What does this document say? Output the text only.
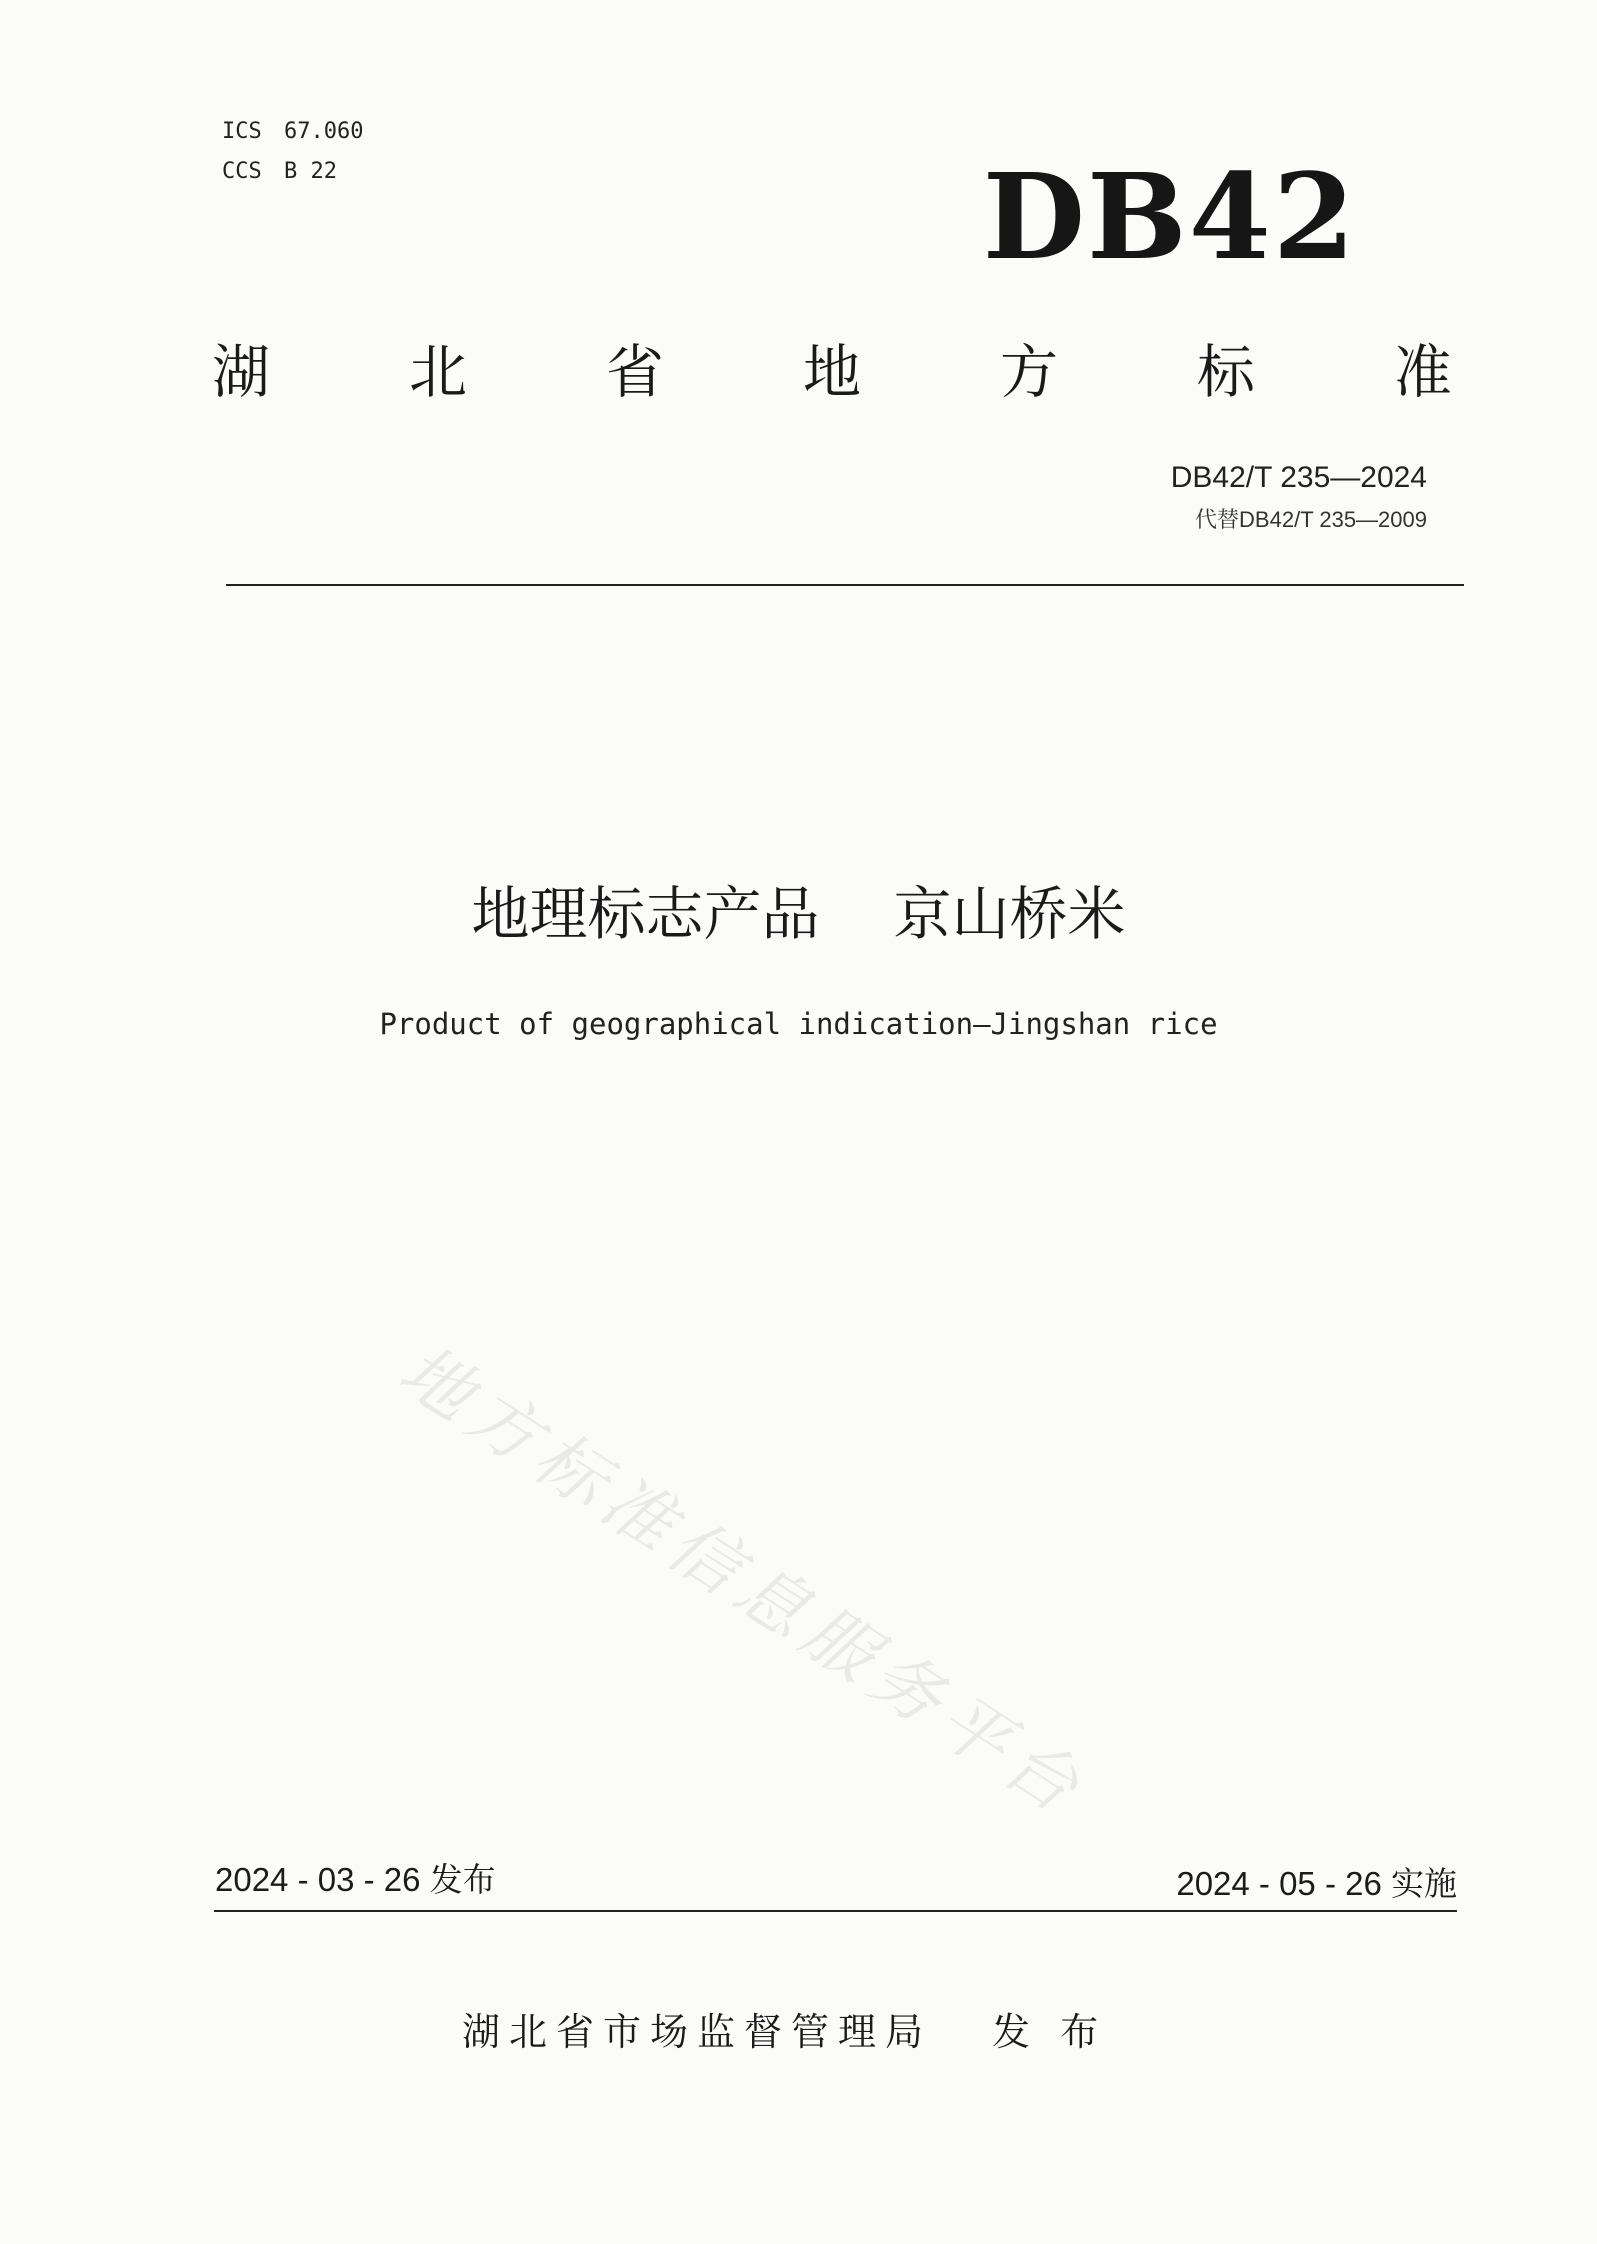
ICS 67.060
CCS B 22	DB42
湖 北 省 地 方 标 准
DB42/T 235—2024
代替DB42/T 235—2009
地理标志产品 京山桥米
Product of geographical indication—Jingshan rice
地方标准信息服务平台
2024 - 03 - 26 发布	2024 - 05 - 26 实施
湖北省市场监督管理局 发 布
